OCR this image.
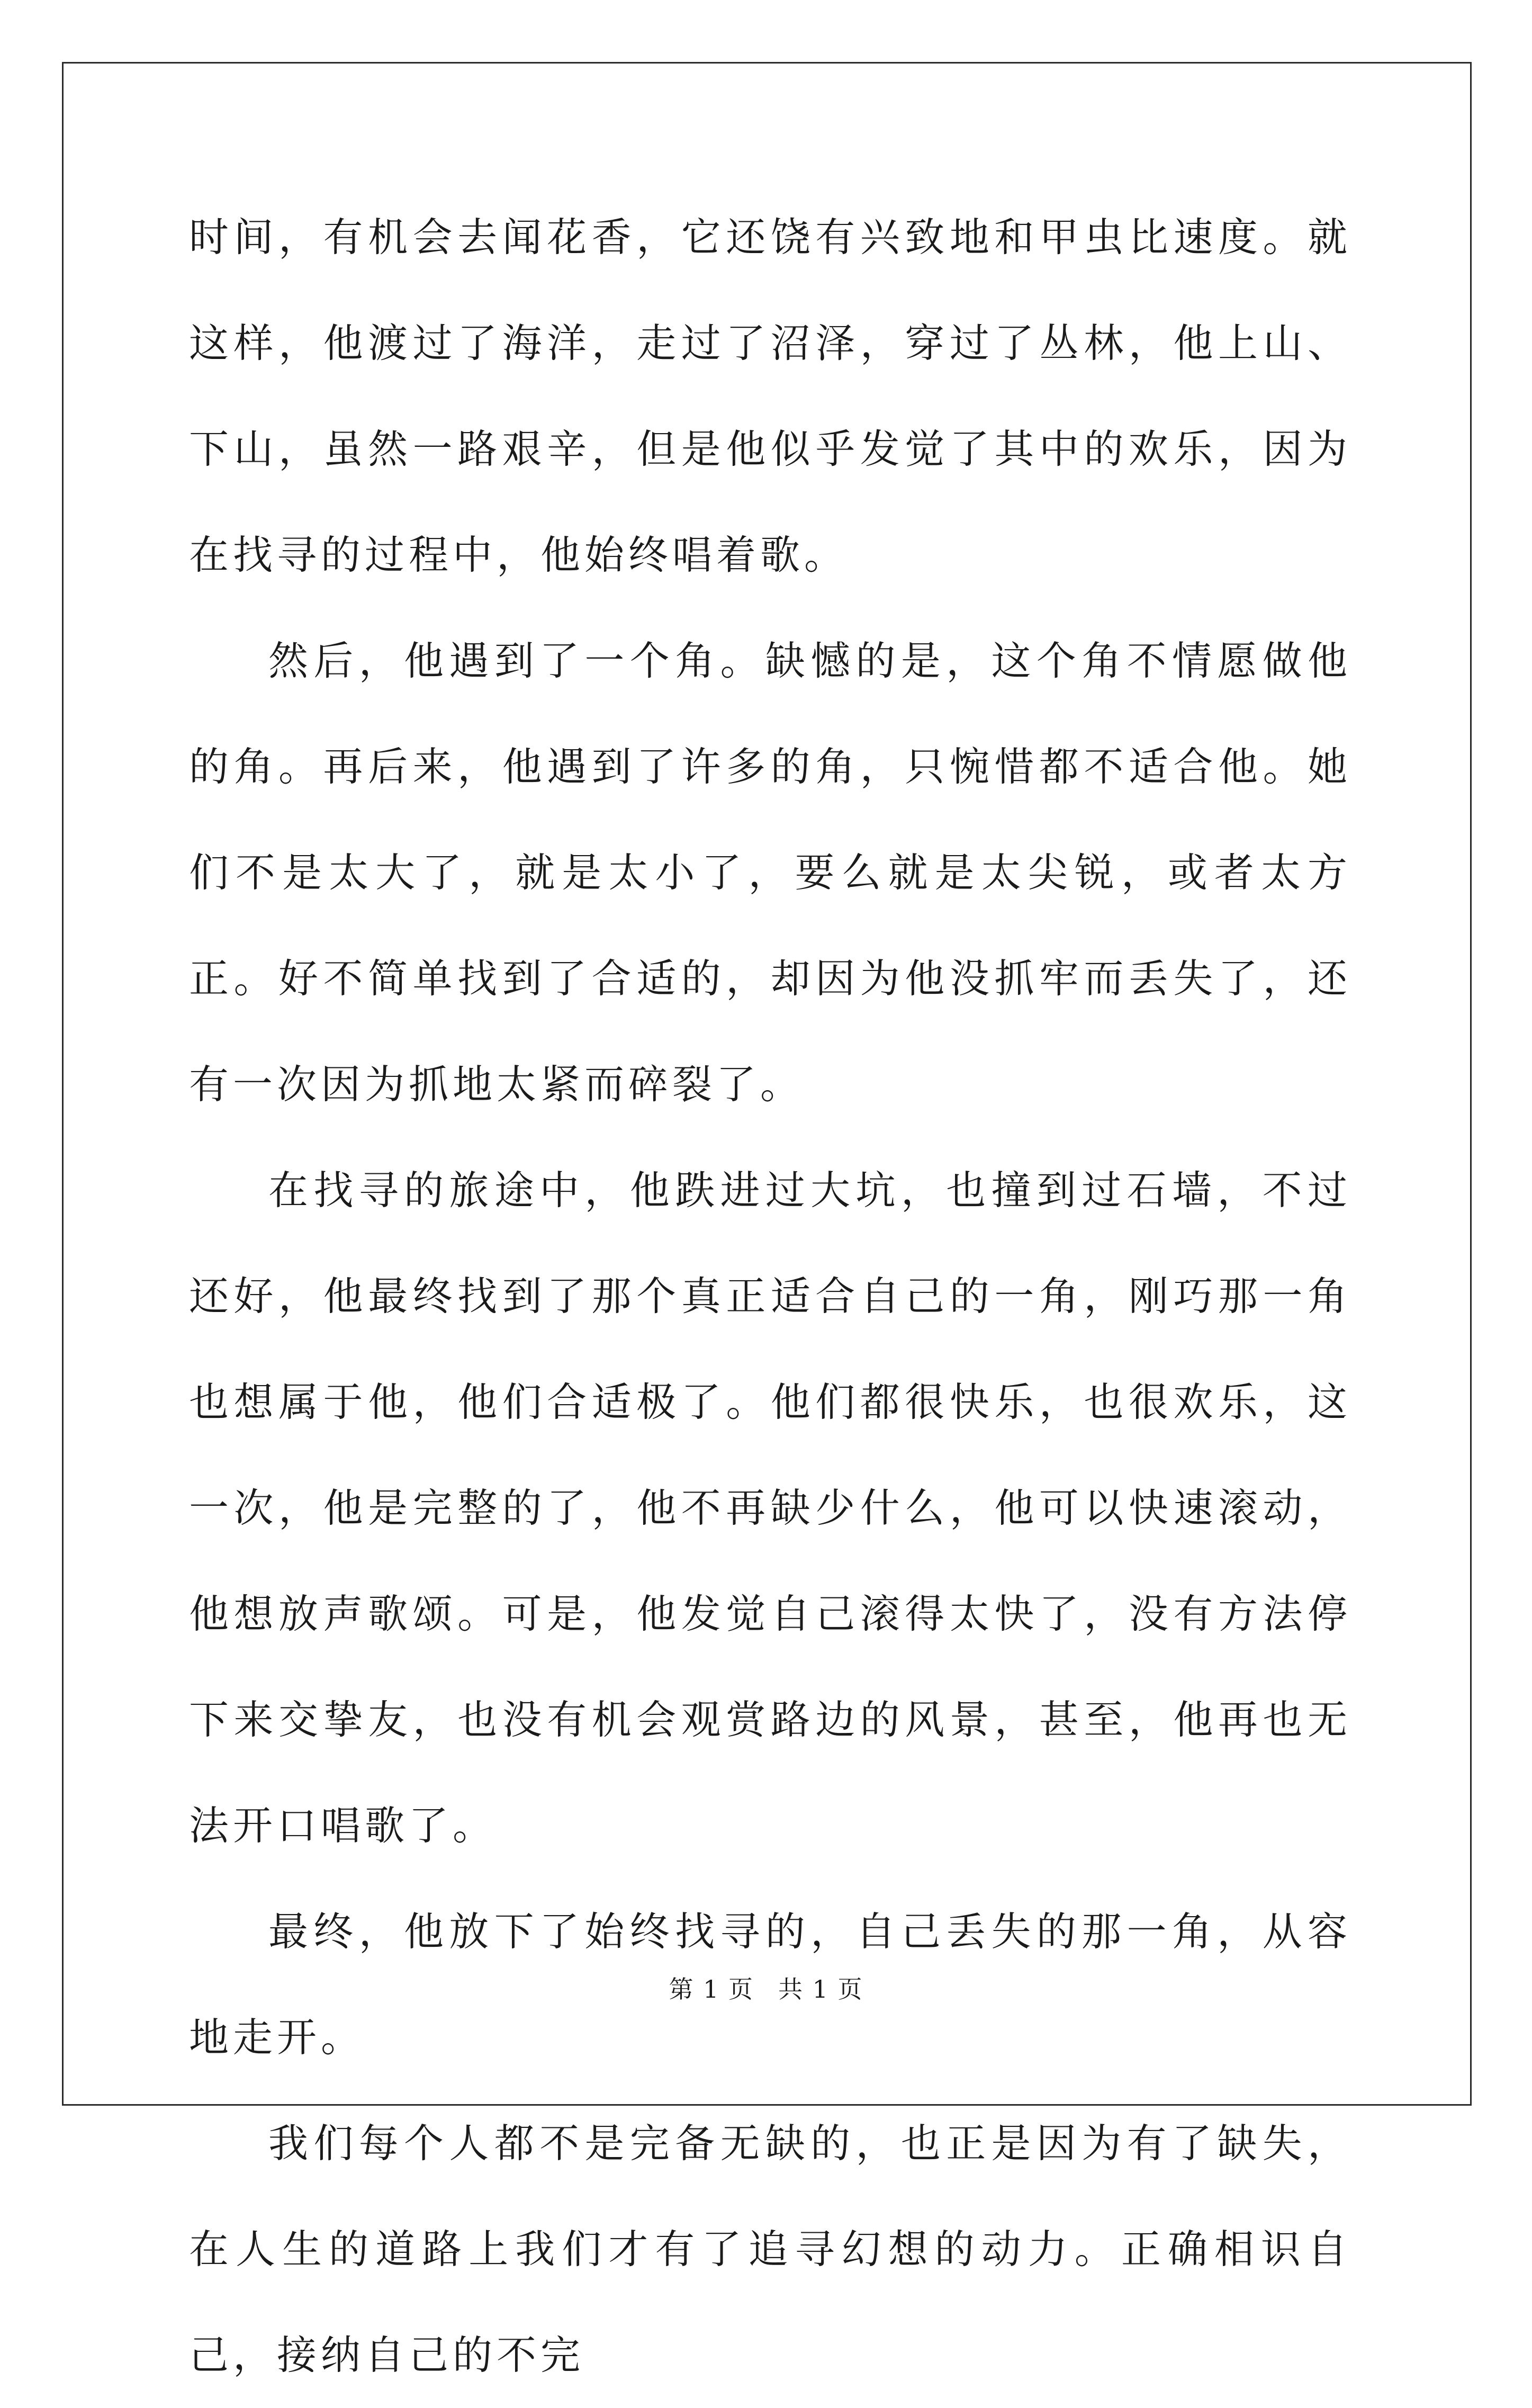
时间，有机会去闻花香，它还饶有兴致地和甲虫比速度。就这样，他渡过了海洋，走过了沼泽，穿过了丛林，他上山、下山，虽然一路艰辛，但是他似乎发觉了其中的欢乐，因为在找寻的过程中，他始终唱着歌。

然后，他遇到了一个角。缺憾的是，这个角不情愿做他的角。再后来，他遇到了许多的角，只惋惜都不适合他。她们不是太大了，就是太小了，要么就是太尖锐，或者太方正。好不简单找到了合适的，却因为他没抓牢而丢失了，还有一次因为抓地太紧而碎裂了。

在找寻的旅途中，他跌进过大坑，也撞到过石墙，不过还好，他最终找到了那个真正适合自己的一角，刚巧那一角也想属于他，他们合适极了。他们都很快乐，也很欢乐，这一次，他是完整的了，他不再缺少什么，他可以快速滚动，他想放声歌颂。可是，他发觉自己滚得太快了，没有方法停下来交挚友，也没有机会观赏路边的风景，甚至，他再也无法开口唱歌了。

最终，他放下了始终找寻的，自己丢失的那一角，从容地走开。

我们每个人都不是完备无缺的，也正是因为有了缺失，在人生的道路上我们才有了追寻幻想的动力。正确相识自己，接纳自己的不完

第 1 页 共 1 页
